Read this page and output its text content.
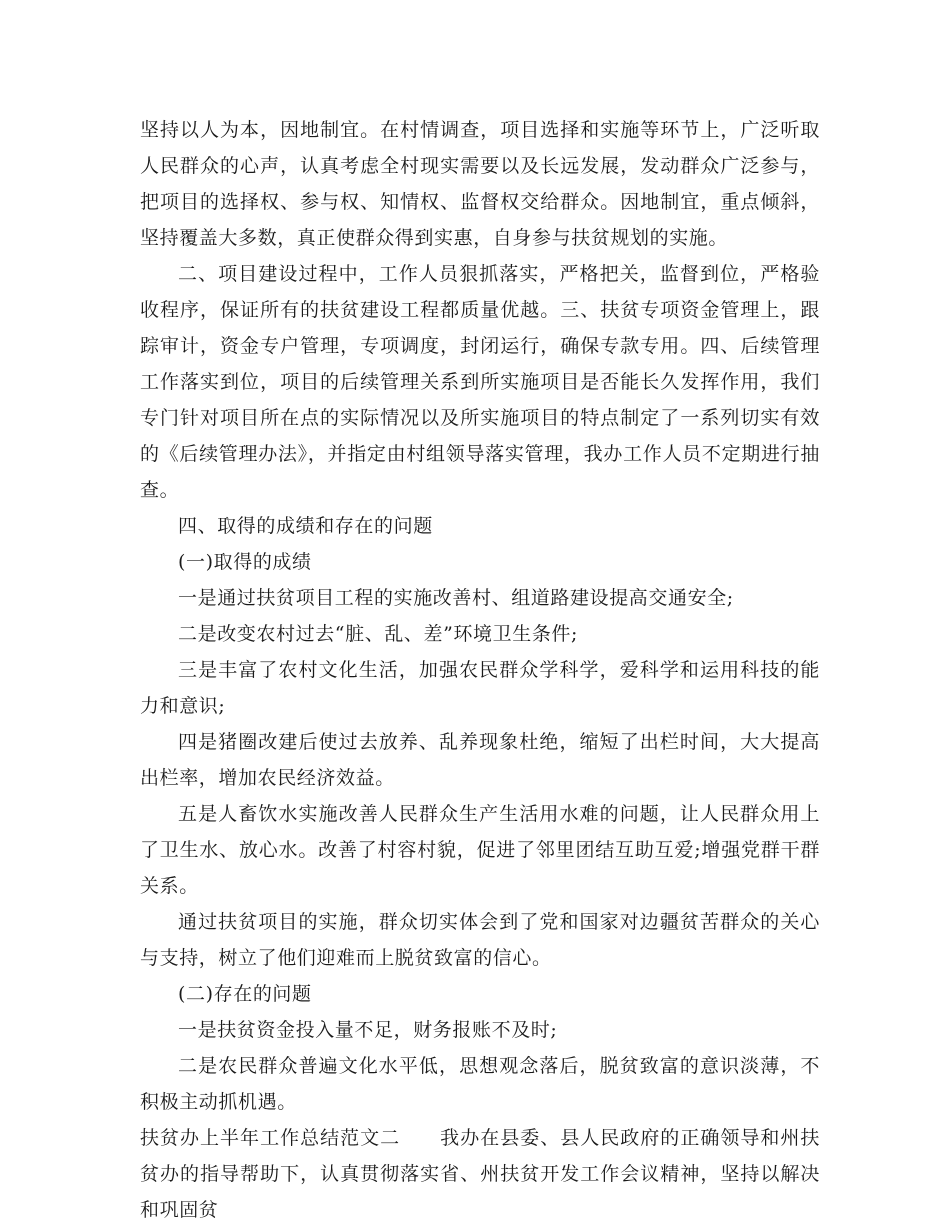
坚持以人为本，因地制宜。在村情调查，项目选择和实施等环节上，广泛听取人民群众的心声，认真考虑全村现实需要以及长远发展，发动群众广泛参与，把项目的选择权、参与权、知情权、监督权交给群众。因地制宜，重点倾斜，坚持覆盖大多数，真正使群众得到实惠，自身参与扶贫规划的实施。

二、项目建设过程中，工作人员狠抓落实，严格把关，监督到位，严格验收程序，保证所有的扶贫建设工程都质量优越。三、扶贫专项资金管理上，跟踪审计，资金专户管理，专项调度，封闭运行，确保专款专用。四、后续管理工作落实到位，项目的后续管理关系到所实施项目是否能长久发挥作用，我们专门针对项目所在点的实际情况以及所实施项目的特点制定了一系列切实有效的《后续管理办法》，并指定由村组领导落实管理，我办工作人员不定期进行抽查。

四、取得的成绩和存在的问题

(一)取得的成绩

一是通过扶贫项目工程的实施改善村、组道路建设提高交通安全;

二是改变农村过去“脏、乱、差”环境卫生条件;

三是丰富了农村文化生活，加强农民群众学科学，爱科学和运用科技的能力和意识;

四是猪圈改建后使过去放养、乱养现象杜绝，缩短了出栏时间，大大提高出栏率，增加农民经济效益。

五是人畜饮水实施改善人民群众生产生活用水难的问题，让人民群众用上了卫生水、放心水。改善了村容村貌，促进了邻里团结互助互爱;增强党群干群关系。

通过扶贫项目的实施，群众切实体会到了党和国家对边疆贫苦群众的关心与支持，树立了他们迎难而上脱贫致富的信心。

(二)存在的问题

一是扶贫资金投入量不足，财务报账不及时;

二是农民群众普遍文化水平低，思想观念落后，脱贫致富的意识淡薄，不积极主动抓机遇。

扶贫办上半年工作总结范文二　　我办在县委、县人民政府的正确领导和州扶贫办的指导帮助下，认真贯彻落实省、州扶贫开发工作会议精神，坚持以解决和巩固贫
